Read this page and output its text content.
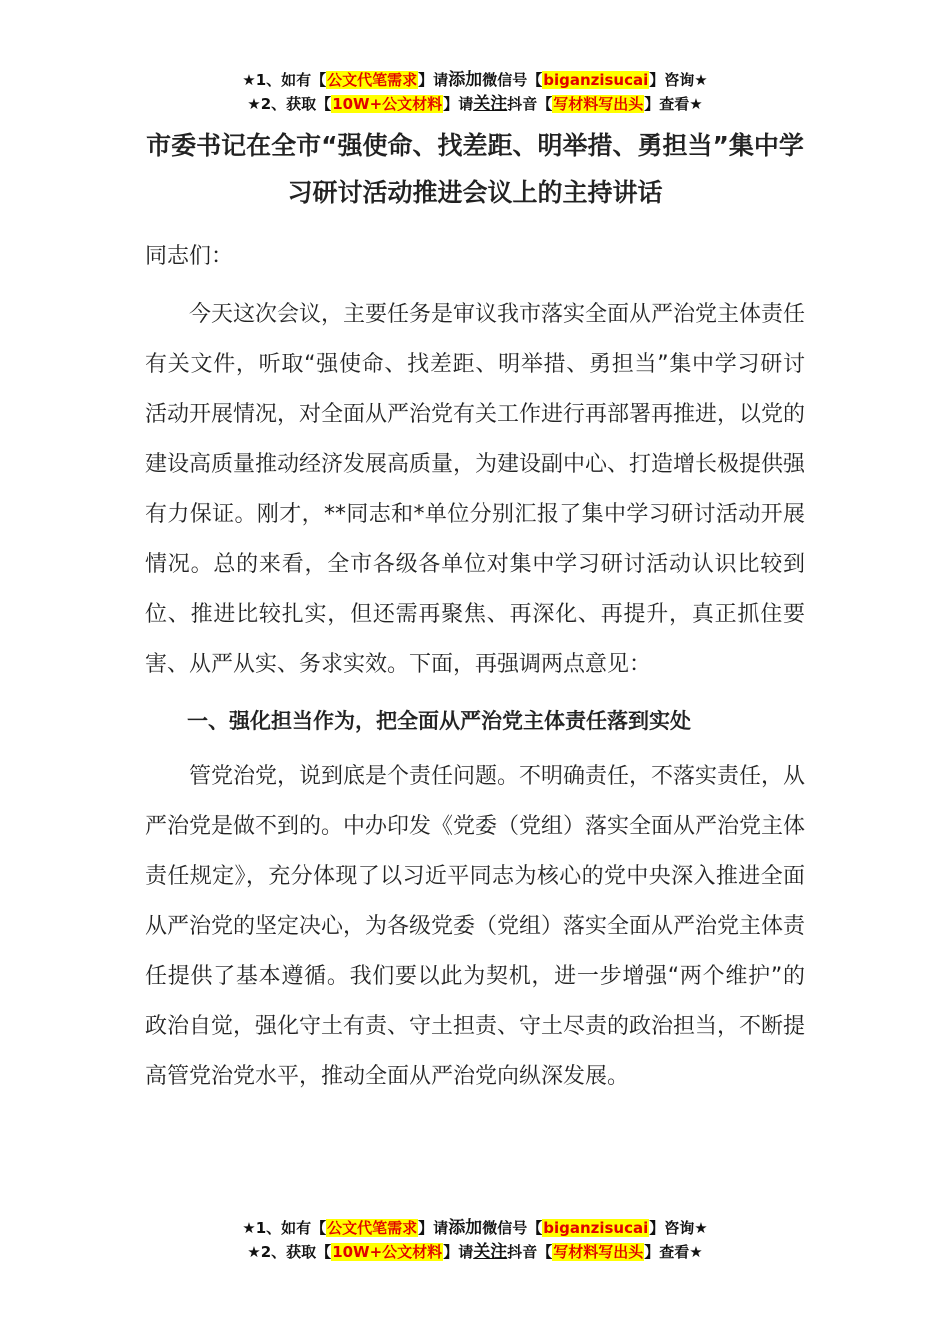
★1、如有【公文代笔需求】请添加微信号【biganzisucai】咨询★
★2、获取【10W+公文材料】请关注抖音【写材料写出头】查看★
市委书记在全市“强使命、找差距、明举措、勇担当”集中学习研讨活动推进会议上的主持讲话

同志们：

今天这次会议，主要任务是审议我市落实全面从严治党主体责任有关文件，听取“强使命、找差距、明举措、勇担当”集中学习研讨活动开展情况，对全面从严治党有关工作进行再部署再推进，以党的建设高质量推动经济发展高质量，为建设副中心、打造增长极提供强有力保证。刚才，**同志和*单位分别汇报了集中学习研讨活动开展情况。总的来看，全市各级各单位对集中学习研讨活动认识比较到位、推进比较扎实，但还需再聚焦、再深化、再提升，真正抓住要害、从严从实、务求实效。下面，再强调两点意见：

一、强化担当作为，把全面从严治党主体责任落到实处

管党治党，说到底是个责任问题。不明确责任，不落实责任，从严治党是做不到的。中办印发《党委（党组）落实全面从严治党主体责任规定》，充分体现了以习近平同志为核心的党中央深入推进全面从严治党的坚定决心，为各级党委（党组）落实全面从严治党主体责任提供了基本遵循。我们要以此为契机，进一步增强“两个维护”的政治自觉，强化守土有责、守土担责、守土尽责的政治担当，不断提高管党治党水平，推动全面从严治党向纵深发展。

★1、如有【公文代笔需求】请添加微信号【biganzisucai】咨询★
★2、获取【10W+公文材料】请关注抖音【写材料写出头】查看★
